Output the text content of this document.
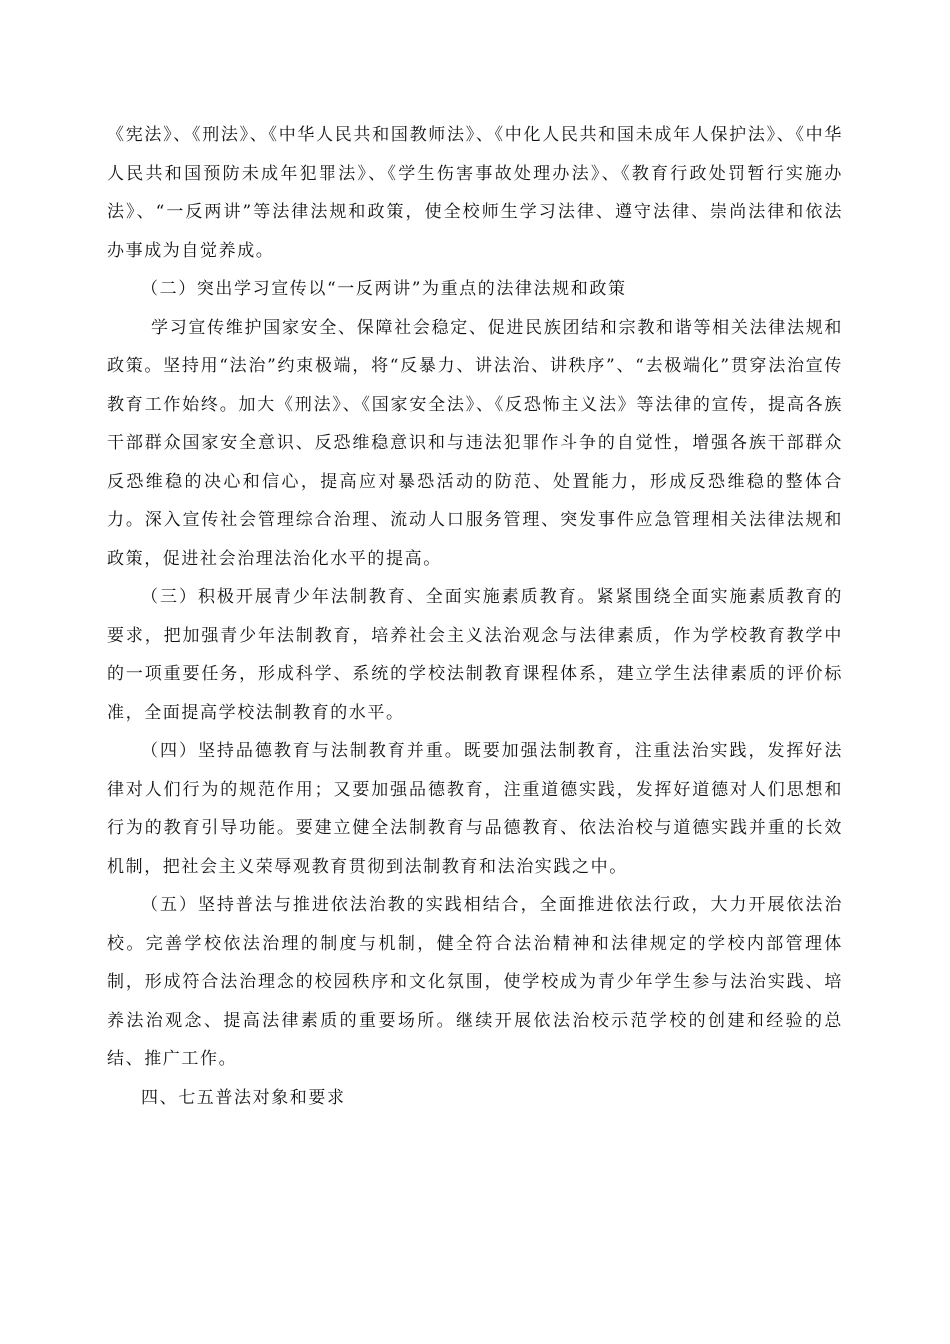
《宪法》、《刑法》、《中华人民共和国教师法》、《中化人民共和国未成年人保护法》、《中华人民共和国预防未成年犯罪法》、《学生伤害事故处理办法》、《教育行政处罚暂行实施办法》、“一反两讲”等法律法规和政策，使全校师生学习法律、遵守法律、崇尚法律和依法办事成为自觉养成。

（二）突出学习宣传以“一反两讲”为重点的法律法规和政策

学习宣传维护国家安全、保障社会稳定、促进民族团结和宗教和谐等相关法律法规和政策。坚持用“法治”约束极端，将“反暴力、讲法治、讲秩序”、“去极端化”贯穿法治宣传教育工作始终。加大《刑法》、《国家安全法》、《反恐怖主义法》等法律的宣传，提高各族干部群众国家安全意识、反恐维稳意识和与违法犯罪作斗争的自觉性，增强各族干部群众反恐维稳的决心和信心，提高应对暴恐活动的防范、处置能力，形成反恐维稳的整体合力。深入宣传社会管理综合治理、流动人口服务管理、突发事件应急管理相关法律法规和政策，促进社会治理法治化水平的提高。

（三）积极开展青少年法制教育、全面实施素质教育。紧紧围绕全面实施素质教育的要求，把加强青少年法制教育，培养社会主义法治观念与法律素质，作为学校教育教学中的一项重要任务，形成科学、系统的学校法制教育课程体系，建立学生法律素质的评价标准，全面提高学校法制教育的水平。

（四）坚持品德教育与法制教育并重。既要加强法制教育，注重法治实践，发挥好法律对人们行为的规范作用；又要加强品德教育，注重道德实践，发挥好道德对人们思想和行为的教育引导功能。要建立健全法制教育与品德教育、依法治校与道德实践并重的长效机制，把社会主义荣辱观教育贯彻到法制教育和法治实践之中。

（五）坚持普法与推进依法治教的实践相结合，全面推进依法行政，大力开展依法治校。完善学校依法治理的制度与机制，健全符合法治精神和法律规定的学校内部管理体制，形成符合法治理念的校园秩序和文化氛围，使学校成为青少年学生参与法治实践、培养法治观念、提高法律素质的重要场所。继续开展依法治校示范学校的创建和经验的总结、推广工作。

四、七五普法对象和要求
